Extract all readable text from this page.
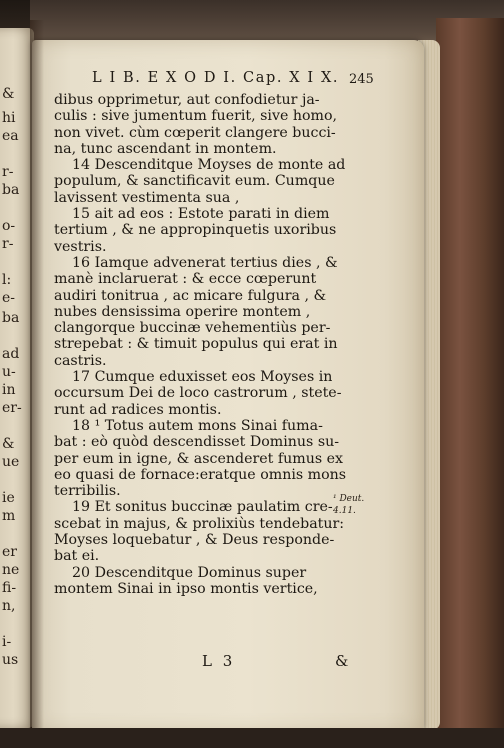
&
hi
ea
r-
ba
o-
r-
l:
e-
ba
ad
u-
in
er-
&
ue
ie
m
er
ne
fi-
n,
i-
us
L I B. E X O D I. Cap. X I X. 245
dibus opprimetur, aut confodietur ja-
culis : sive jumentum fuerit, sive homo,
non vivet. cùm cœperit clangere bucci-
na, tunc ascendant in montem.
14 Descenditque Moyses de monte ad
populum, & sanctificavit eum. Cumque
lavissent vestimenta sua ,
15 ait ad eos : Estote parati in diem
tertium , & ne appropinquetis uxoribus
vestris.
16 Iamque advenerat tertius dies , &
manè inclaruerat : & ecce cœperunt
audiri tonitrua , ac micare fulgura , &
nubes densissima operire montem ,
clangorque buccinæ vehementiùs per-
strepebat : & timuit populus qui erat in
castris.
17 Cumque eduxisset eos Moyses in
occursum Dei de loco castrorum , stete-
runt ad radices montis.
18 ¹ Totus autem mons Sinai fuma-
bat : eò quòd descendisset Dominus su-
per eum in igne, & ascenderet fumus ex
eo quasi de fornace:eratque omnis mons
terribilis.
19 Et sonitus buccinæ paulatim cre-
scebat in majus, & prolixiùs tendebatur:
Moyses loquebatur , & Deus responde-
bat ei.
20 Descenditque Dominus super
montem Sinai in ipso montis vertice,
¹ Deut.
4.11.
L 3	&
